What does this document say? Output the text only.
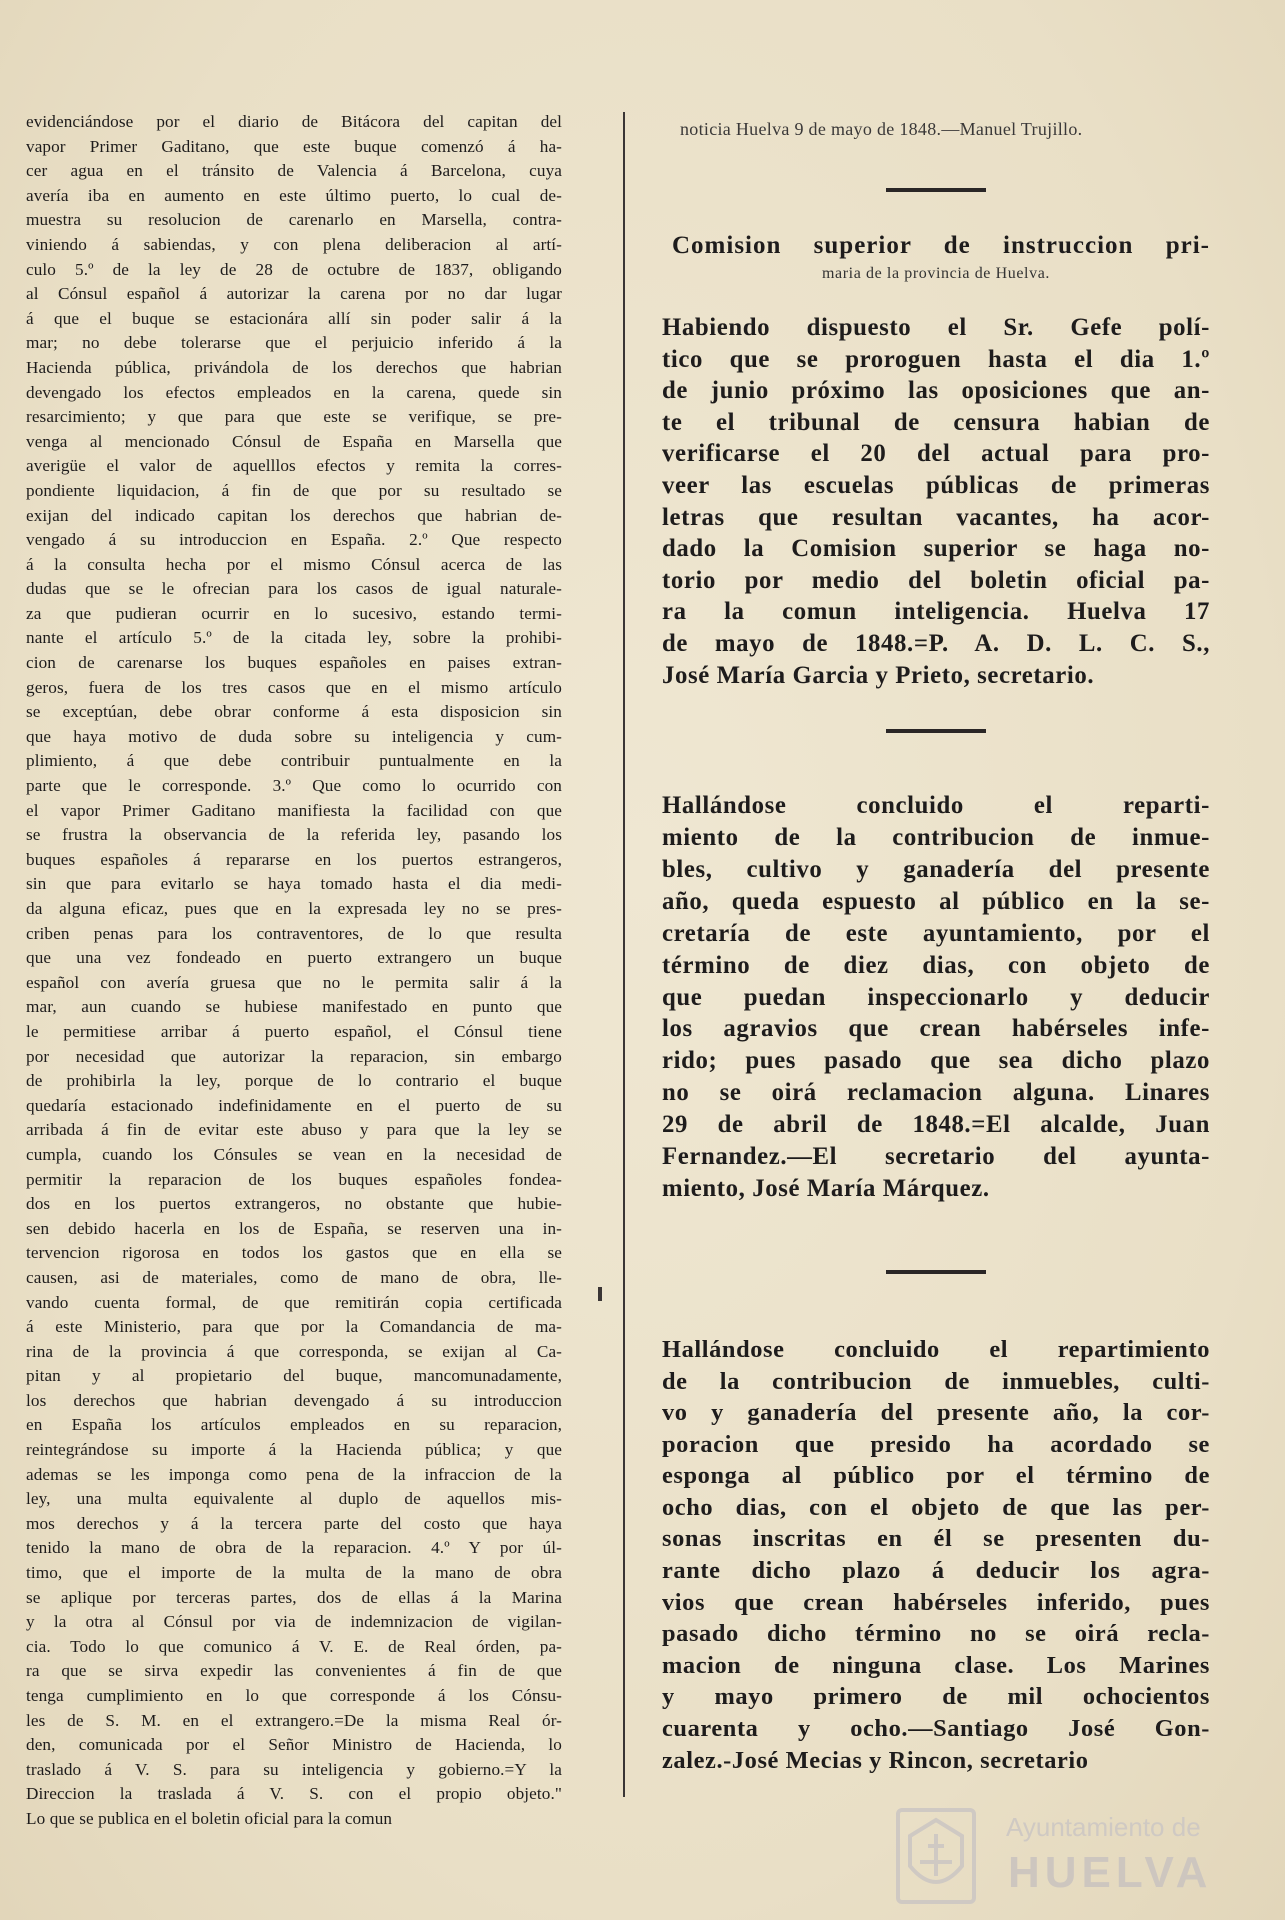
evidenciándose por el diario de Bitácora del capitan del
vapor Primer Gaditano, que este buque comenzó á ha-
cer agua en el tránsito de Valencia á Barcelona, cuya
avería iba en aumento en este último puerto, lo cual de-
muestra su resolucion de carenarlo en Marsella, contra-
viniendo á sabiendas, y con plena deliberacion al artí-
culo 5.º de la ley de 28 de octubre de 1837, obligando
al Cónsul español á autorizar la carena por no dar lugar
á que el buque se estacionára allí sin poder salir á la
mar; no debe tolerarse que el perjuicio inferido á la
Hacienda pública, privándola de los derechos que habrian
devengado los efectos empleados en la carena, quede sin
resarcimiento; y que para que este se verifique, se pre-
venga al mencionado Cónsul de España en Marsella que
averigüe el valor de aquelllos efectos y remita la corres-
pondiente liquidacion, á fin de que por su resultado se
exijan del indicado capitan los derechos que habrian de-
vengado á su introduccion en España. 2.º Que respecto
á la consulta hecha por el mismo Cónsul acerca de las
dudas que se le ofrecian para los casos de igual naturale-
za que pudieran ocurrir en lo sucesivo, estando termi-
nante el artículo 5.º de la citada ley, sobre la prohibi-
cion de carenarse los buques españoles en paises extran-
geros, fuera de los tres casos que en el mismo artículo
se exceptúan, debe obrar conforme á esta disposicion sin
que haya motivo de duda sobre su inteligencia y cum-
plimiento, á que debe contribuir puntualmente en la
parte que le corresponde. 3.º Que como lo ocurrido con
el vapor Primer Gaditano manifiesta la facilidad con que
se frustra la observancia de la referida ley, pasando los
buques españoles á repararse en los puertos estrangeros,
sin que para evitarlo se haya tomado hasta el dia medi-
da alguna eficaz, pues que en la expresada ley no se pres-
criben penas para los contraventores, de lo que resulta
que una vez fondeado en puerto extrangero un buque
español con avería gruesa que no le permita salir á la
mar, aun cuando se hubiese manifestado en punto que
le permitiese arribar á puerto español, el Cónsul tiene
por necesidad que autorizar la reparacion, sin embargo
de prohibirla la ley, porque de lo contrario el buque
quedaría estacionado indefinidamente en el puerto de su
arribada á fin de evitar este abuso y para que la ley se
cumpla, cuando los Cónsules se vean en la necesidad de
permitir la reparacion de los buques españoles fondea-
dos en los puertos extrangeros, no obstante que hubie-
sen debido hacerla en los de España, se reserven una in-
tervencion rigorosa en todos los gastos que en ella se
causen, asi de materiales, como de mano de obra, lle-
vando cuenta formal, de que remitirán copia certificada
á este Ministerio, para que por la Comandancia de ma-
rina de la provincia á que corresponda, se exijan al Ca-
pitan y al propietario del buque, mancomunadamente,
los derechos que habrian devengado á su introduccion
en España los artículos empleados en su reparacion,
reintegrándose su importe á la Hacienda pública; y que
ademas se les imponga como pena de la infraccion de la
ley, una multa equivalente al duplo de aquellos mis-
mos derechos y á la tercera parte del costo que haya
tenido la mano de obra de la reparacion. 4.º Y por úl-
timo, que el importe de la multa de la mano de obra
se aplique por terceras partes, dos de ellas á la Marina
y la otra al Cónsul por via de indemnizacion de vigilan-
cia. Todo lo que comunico á V. E. de Real órden, pa-
ra que se sirva expedir las convenientes á fin de que
tenga cumplimiento en lo que corresponde á los Cónsu-
les de S. M. en el extrangero.=De la misma Real ór-
den, comunicada por el Señor Ministro de Hacienda, lo
traslado á V. S. para su inteligencia y gobierno.=Y la
Direccion la traslada á V. S. con el propio objeto."
Lo que se publica en el boletin oficial para la comun
noticia Huelva 9 de mayo de 1848.—Manuel Trujillo.
Comision superior de instruccion pri-
maria de la provincia de Huelva.
Habiendo dispuesto el Sr. Gefe polí-
tico que se proroguen hasta el dia 1.º
de junio próximo las oposiciones que an-
te el tribunal de censura habian de
verificarse el 20 del actual para pro-
veer las escuelas públicas de primeras
letras que resultan vacantes, ha acor-
dado la Comision superior se haga no-
torio por medio del boletin oficial pa-
ra la comun inteligencia. Huelva 17
de mayo de 1848.=P. A. D. L. C. S.,
José María Garcia y Prieto, secretario.
Hallándose concluido el reparti-
miento de la contribucion de inmue-
bles, cultivo y ganadería del presente
año, queda espuesto al público en la se-
cretaría de este ayuntamiento, por el
término de diez dias, con objeto de
que puedan inspeccionarlo y deducir
los agravios que crean habérseles infe-
rido; pues pasado que sea dicho plazo
no se oirá reclamacion alguna. Linares
29 de abril de 1848.=El alcalde, Juan
Fernandez.—El secretario del ayunta-
miento, José María Márquez.
Hallándose concluido el repartimiento
de la contribucion de inmuebles, culti-
vo y ganadería del presente año, la cor-
poracion que presido ha acordado se
esponga al público por el término de
ocho dias, con el objeto de que las per-
sonas inscritas en él se presenten du-
rante dicho plazo á deducir los agra-
vios que crean habérseles inferido, pues
pasado dicho término no se oirá recla-
macion de ninguna clase. Los Marines
y mayo primero de mil ochocientos
cuarenta y ocho.—Santiago José Gon-
zalez.-José Mecias y Rincon, secretario
Ayuntamiento de
HUELVA
